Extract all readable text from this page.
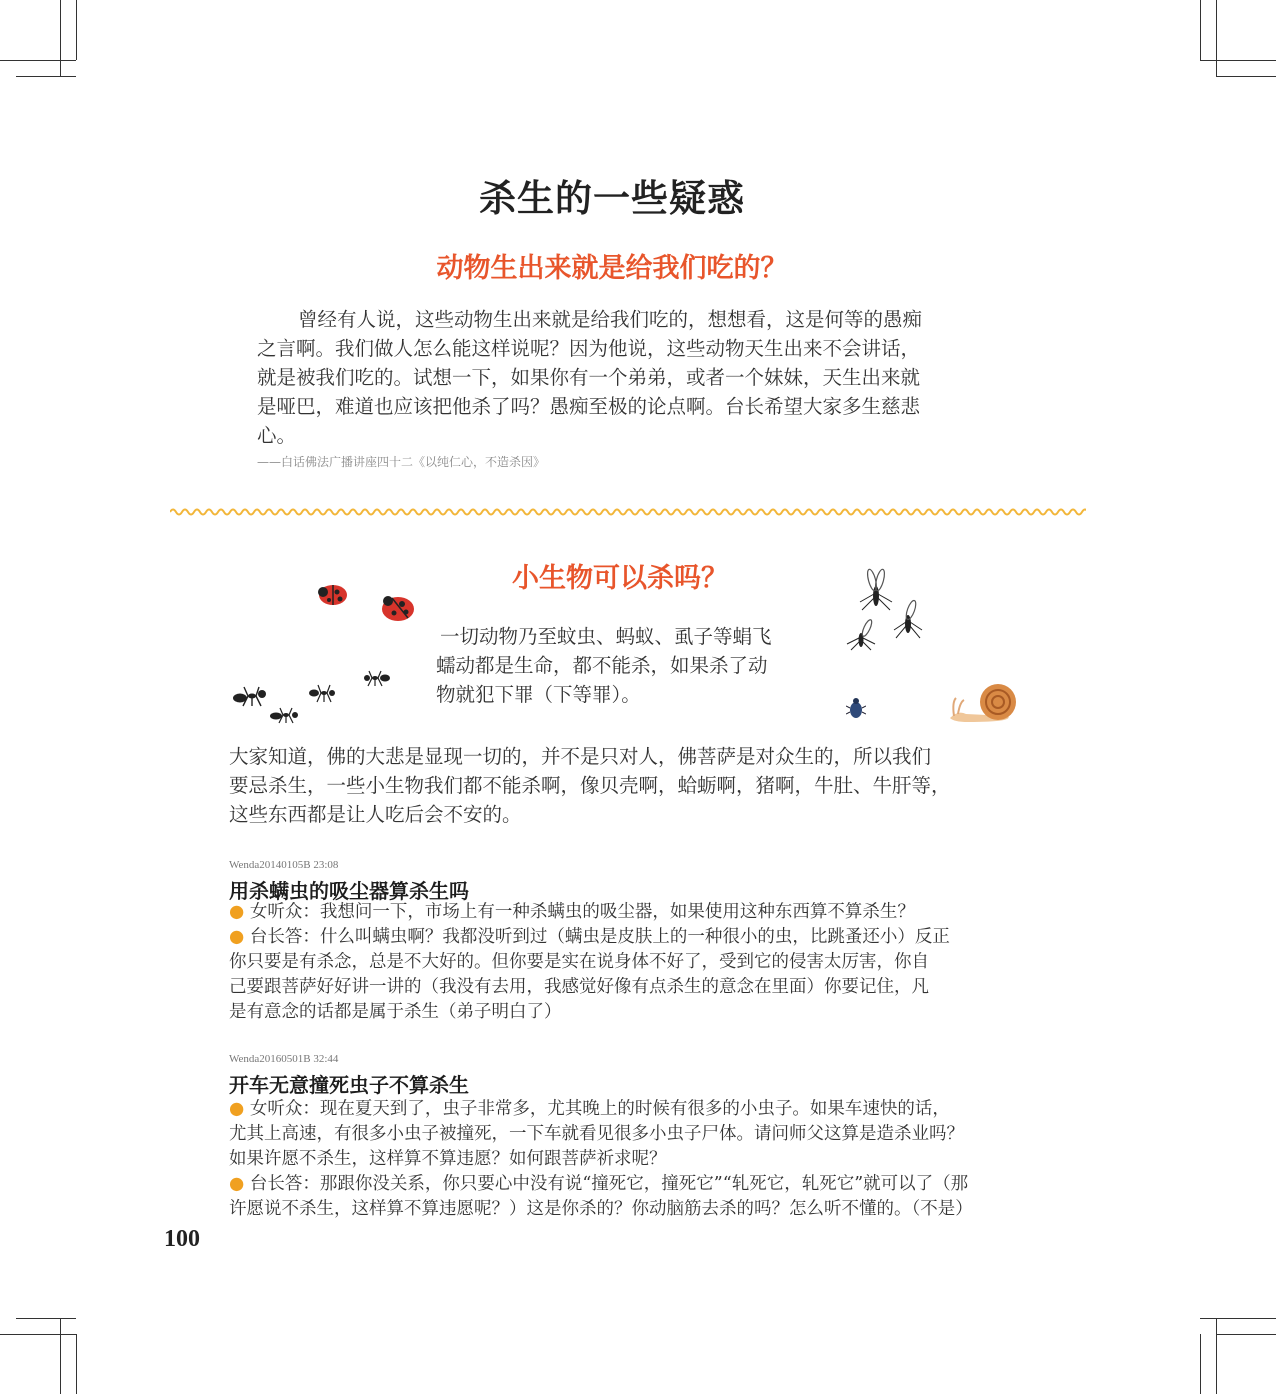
杀生的一些疑惑
动物生出来就是给我们吃的？

曾经有人说，这些动物生出来就是给我们吃的，想想看，这是何等的愚痴

之言啊。我们做人怎么能这样说呢？因为他说，这些动物天生出来不会讲话，

就是被我们吃的。试想一下，如果你有一个弟弟，或者一个妹妹，天生出来就

是哑巴，难道也应该把他杀了吗？愚痴至极的论点啊。台长希望大家多生慈悲

心。

——白话佛法广播讲座四十二《以纯仁心，不造杀因》
小生物可以杀吗？

一切动物乃至蚊虫、蚂蚁、虱子等蜎飞

蠕动都是生命，都不能杀，如果杀了动

物就犯下罪（下等罪）。

大家知道，佛的大悲是显现一切的，并不是只对人，佛菩萨是对众生的，所以我们

要忌杀生，一些小生物我们都不能杀啊，像贝壳啊，蛤蛎啊，猪啊，牛肚、牛肝等，

这些东西都是让人吃后会不安的。

Wenda20140105B 23:08

用杀螨虫的吸尘器算杀生吗

● 女听众：我想问一下，市场上有一种杀螨虫的吸尘器，如果使用这种东西算不算杀生？

● 台长答：什么叫螨虫啊？我都没听到过（螨虫是皮肤上的一种很小的虫，比跳蚤还小）反正

你只要是有杀念，总是不大好的。但你要是实在说身体不好了，受到它的侵害太厉害，你自

己要跟菩萨好好讲一讲的（我没有去用，我感觉好像有点杀生的意念在里面）你要记住，凡

是有意念的话都是属于杀生（弟子明白了）

Wenda20160501B 32:44

开车无意撞死虫子不算杀生

● 女听众：现在夏天到了，虫子非常多，尤其晚上的时候有很多的小虫子。如果车速快的话，

尤其上高速，有很多小虫子被撞死，一下车就看见很多小虫子尸体。请问师父这算是造杀业吗？

如果许愿不杀生，这样算不算违愿？如何跟菩萨祈求呢？

● 台长答：那跟你没关系，你只要心中没有说“撞死它，撞死它”“轧死它，轧死它”就可以了（那

许愿说不杀生，这样算不算违愿呢？）这是你杀的？你动脑筋去杀的吗？怎么听不懂的。（不是）

100
